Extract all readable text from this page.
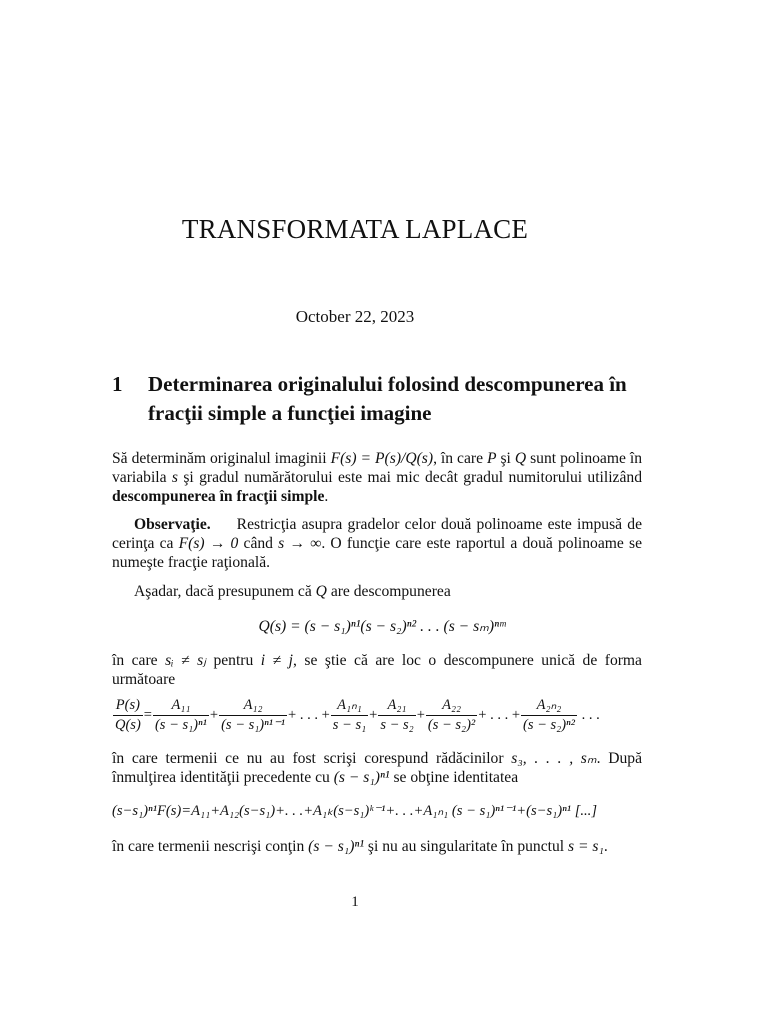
TRANSFORMATA LAPLACE
October 22, 2023
1 Determinarea originalului folosind descompunerea în fracţii simple a funcţiei imagine
Să determinăm originalul imaginii F(s) = P(s)/Q(s), în care P şi Q sunt polinoame în variabila s şi gradul numărătorului este mai mic decât gradul numitorului utilizând descompunerea în fracţii simple.
Observaţie. Restricţia asupra gradelor celor două polinoame este impusă de cerinţa ca F(s) → 0 când s → ∞. O funcţie care este raportul a două polinoame se numeşte fracţie raţională.
Aşadar, dacă presupunem că Q are descompunerea
Q(s) = (s − s₁)ⁿ¹(s − s₂)ⁿ² . . . (s − sₘ)ⁿᵐ
în care sᵢ ≠ sⱼ pentru i ≠ j, se ştie că are loc o descompunere unică de forma următoare
$\frac{P(s)}{Q(s)} = \frac{\text{A₁₁}}{\text{(s − s₁)ⁿ¹}} + \frac{\text{A₁₂}}{\text{(s − s₁)ⁿ¹⁻¹}}$ + . . . + $\frac{\text{A₁ₙ₁}}{\text{s − s₁}} + \frac{\text{A₂₁}}{\text{s − s₂}} + \frac{\text{A₂₂}}{\text{(s − s₂)²}}$ + . . . + $\frac{\text{A₂ₙ₂}}{\text{(s − s₂)ⁿ²}}$ . . .
în care termenii ce nu au fost scrişi corespund rădăcinilor s₃, . . . , sₘ. După înmulţirea identităţii precedente cu (s − s₁)ⁿ¹ se obţine identitatea
(s−s₁)ⁿ¹F(s)=A₁₁+A₁₂(s−s₁)+. . .+A₁ₖ(s−s₁)ᵏ⁻¹+. . .+A₁ₙ₁ (s − s₁)ⁿ¹⁻¹+(s−s₁)ⁿ¹ [...]
în care termenii nescrişi conţin (s − s₁)ⁿ¹ şi nu au singularitate în punctul s = s₁.
1
